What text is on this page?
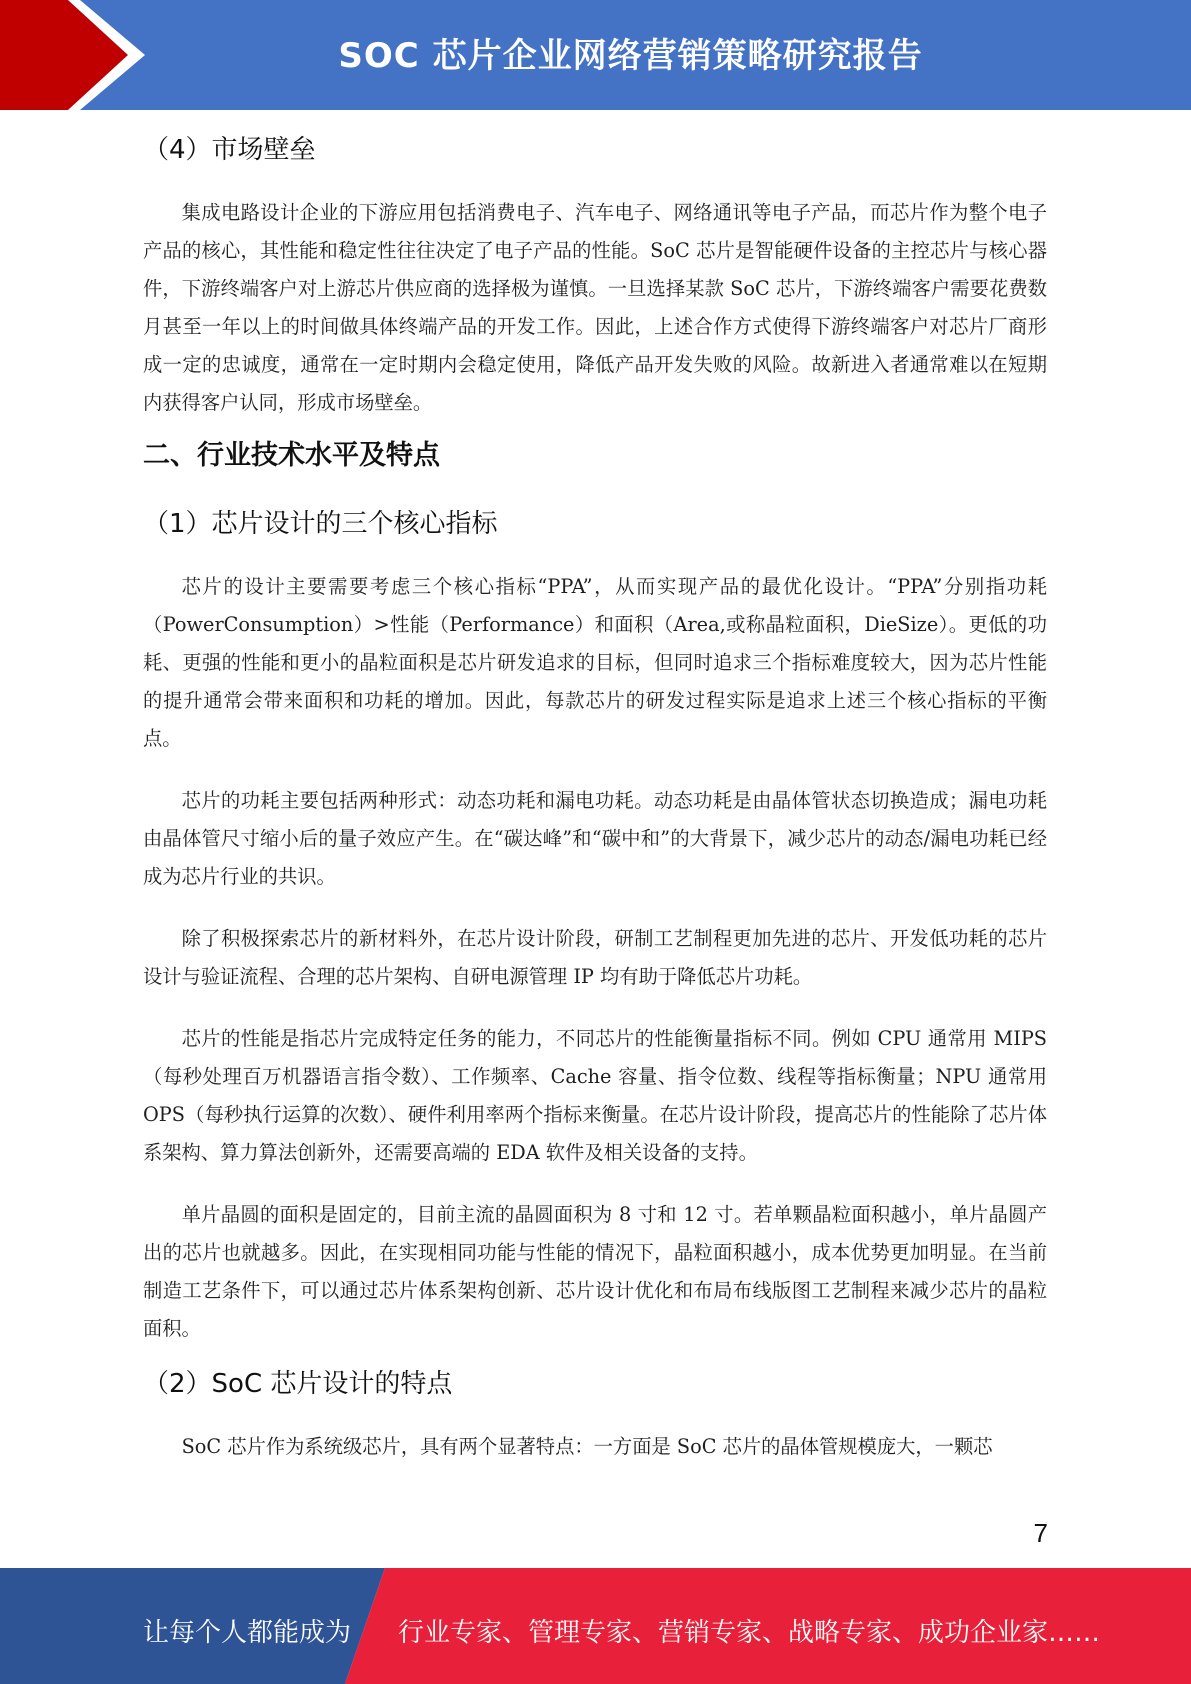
SOC 芯片企业网络营销策略研究报告
（4）市场壁垒

集成电路设计企业的下游应用包括消费电子、汽车电子、网络通讯等电子产品，而芯片作为整个电子产品的核心，其性能和稳定性往往决定了电子产品的性能。SoC 芯片是智能硬件设备的主控芯片与核心器件，下游终端客户对上游芯片供应商的选择极为谨慎。一旦选择某款 SoC 芯片，下游终端客户需要花费数月甚至一年以上的时间做具体终端产品的开发工作。因此，上述合作方式使得下游终端客户对芯片厂商形成一定的忠诚度，通常在一定时期内会稳定使用，降低产品开发失败的风险。故新进入者通常难以在短期内获得客户认同，形成市场壁垒。

二、行业技术水平及特点
（1）芯片设计的三个核心指标

芯片的设计主要需要考虑三个核心指标“PPA”，从而实现产品的最优化设计。“PPA”分别指功耗（PowerConsumption）>性能（Performance）和面积（Area,或称晶粒面积，DieSize）。更低的功耗、更强的性能和更小的晶粒面积是芯片研发追求的目标，但同时追求三个指标难度较大，因为芯片性能的提升通常会带来面积和功耗的增加。因此，每款芯片的研发过程实际是追求上述三个核心指标的平衡点。

芯片的功耗主要包括两种形式：动态功耗和漏电功耗。动态功耗是由晶体管状态切换造成；漏电功耗由晶体管尺寸缩小后的量子效应产生。在“碳达峰”和“碳中和”的大背景下，减少芯片的动态/漏电功耗已经成为芯片行业的共识。

除了积极探索芯片的新材料外，在芯片设计阶段，研制工艺制程更加先进的芯片、开发低功耗的芯片设计与验证流程、合理的芯片架构、自研电源管理 IP 均有助于降低芯片功耗。

芯片的性能是指芯片完成特定任务的能力，不同芯片的性能衡量指标不同。例如 CPU 通常用 MIPS（每秒处理百万机器语言指令数）、工作频率、Cache 容量、指令位数、线程等指标衡量；NPU 通常用 OPS（每秒执行运算的次数）、硬件利用率两个指标来衡量。在芯片设计阶段，提高芯片的性能除了芯片体系架构、算力算法创新外，还需要高端的 EDA 软件及相关设备的支持。

单片晶圆的面积是固定的，目前主流的晶圆面积为 8 寸和 12 寸。若单颗晶粒面积越小，单片晶圆产出的芯片也就越多。因此，在实现相同功能与性能的情况下，晶粒面积越小，成本优势更加明显。在当前制造工艺条件下，可以通过芯片体系架构创新、芯片设计优化和布局布线版图工艺制程来减少芯片的晶粒面积。

（2）SoC 芯片设计的特点

SoC 芯片作为系统级芯片，具有两个显著特点：一方面是 SoC 芯片的晶体管规模庞大，一颗芯

7
让每个人都能成为 行业专家、管理专家、营销专家、战略专家、成功企业家……
